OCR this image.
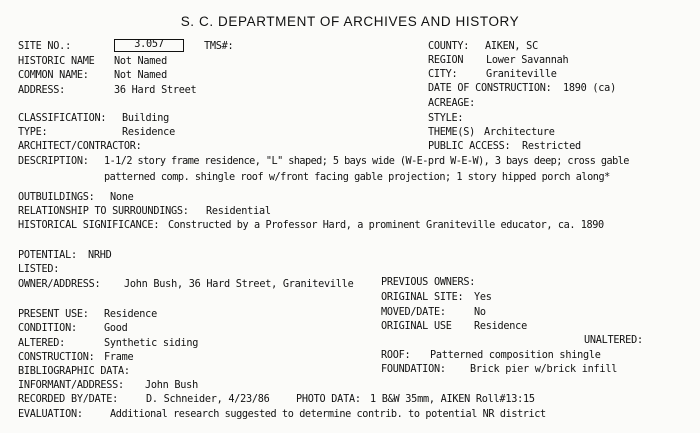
S. C. DEPARTMENT OF ARCHIVES AND HISTORY
SITE NO.:	3.057	TMS#:
HISTORIC NAME Not Named
COMMON NAME: Not Named
ADDRESS:	36 Hard Street
COUNTY: AIKEN, SC
REGION Lower Savannah
CITY:	Graniteville
DATE OF CONSTRUCTION: 1890 (ca)
ACREAGE:
STYLE:
THEME(S) Architecture
PUBLIC ACCESS: Restricted
CLASSIFICATION: Building
TYPE:	Residence
ARCHITECT/CONTRACTOR:
DESCRIPTION: 1-1/2 story frame residence, "L" shaped; 5 bays wide (W-E-prd W-E-W), 3 bays deep; cross gable
patterned comp. shingle roof w/front facing gable projection; 1 story hipped porch along*
OUTBUILDINGS: None
RELATIONSHIP TO SURROUNDINGS: Residential
HISTORICAL SIGNIFICANCE: Constructed by a Professor Hard, a prominent Graniteville educator, ca. 1890
POTENTIAL: NRHD
LISTED:
OWNER/ADDRESS: John Bush, 36 Hard Street, Graniteville	PREVIOUS OWNERS:
ORIGINAL SITE: Yes
MOVED/DATE:	No
ORIGINAL USE Residence
UNALTERED:
ROOF: Patterned composition shingle
FOUNDATION: Brick pier w/brick infill
PRESENT USE: Residence
CONDITION:	Good
ALTERED:	Synthetic siding
CONSTRUCTION: Frame
BIBLIOGRAPHIC DATA:
INFORMANT/ADDRESS: John Bush
RECORDED BY/DATE:	D. Schneider, 4/23/86	PHOTO DATA: 1 B&W 35mm, AIKEN Roll#13:15
EVALUATION:	Additional research suggested to determine contrib. to potential NR district
